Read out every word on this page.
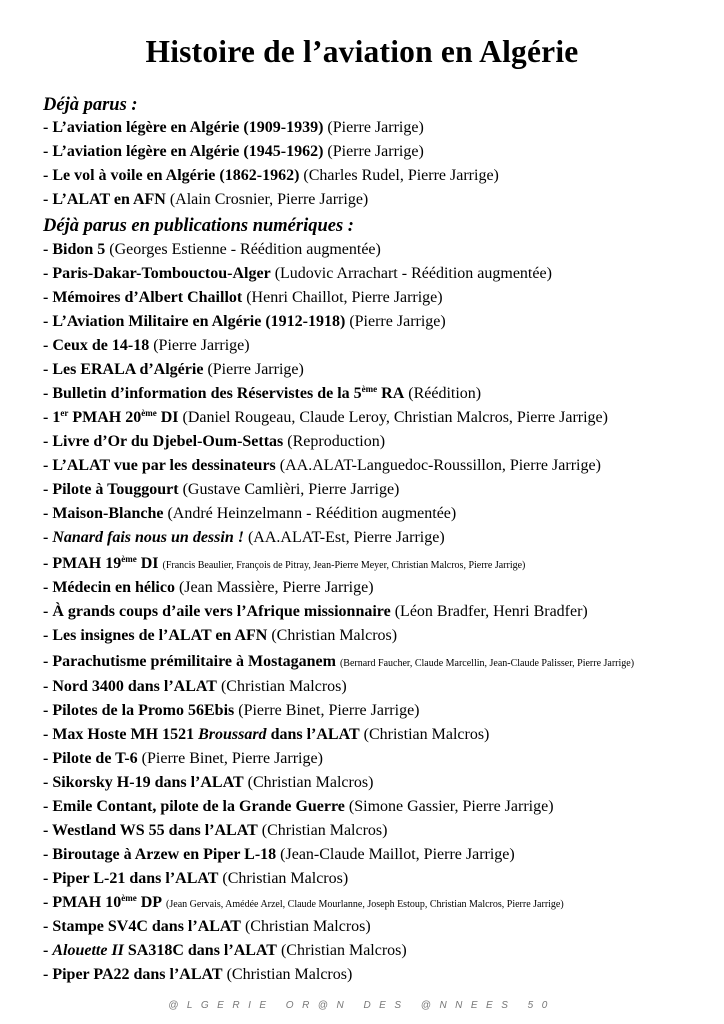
Histoire de l’aviation en Algérie
Déjà parus :
- L’aviation légère en Algérie (1909-1939) (Pierre Jarrige)
- L’aviation légère en Algérie (1945-1962) (Pierre Jarrige)
- Le vol à voile en Algérie (1862-1962) (Charles Rudel, Pierre Jarrige)
- L’ALAT en AFN (Alain Crosnier, Pierre Jarrige)
Déjà parus en publications numériques :
- Bidon 5 (Georges Estienne - Réédition augmentée)
- Paris-Dakar-Tombouctou-Alger (Ludovic Arrachart - Réédition augmentée)
- Mémoires d’Albert Chaillot (Henri Chaillot, Pierre Jarrige)
- L’Aviation Militaire en Algérie (1912-1918) (Pierre Jarrige)
- Ceux de 14-18 (Pierre Jarrige)
- Les ERALA d’Algérie (Pierre Jarrige)
- Bulletin d’information des Réservistes de la 5ème RA (Réédition)
- 1er PMAH 20ème DI (Daniel Rougeau, Claude Leroy, Christian Malcros, Pierre Jarrige)
- Livre d’Or du Djebel-Oum-Settas (Reproduction)
- L’ALAT vue par les dessinateurs (AA.ALAT-Languedoc-Roussillon, Pierre Jarrige)
- Pilote à Touggourt (Gustave Camlièri, Pierre Jarrige)
- Maison-Blanche (André Heinzelmann - Réédition augmentée)
- Nanard fais nous un dessin ! (AA.ALAT-Est, Pierre Jarrige)
- PMAH 19ème DI (Francis Beaulier, François de Pitray, Jean-Pierre Meyer, Christian Malcros, Pierre Jarrige)
- Médecin en hélico (Jean Massière, Pierre Jarrige)
- À grands coups d’aile vers l’Afrique missionnaire (Léon Bradfer, Henri Bradfer)
- Les insignes de l’ALAT en AFN (Christian Malcros)
- Parachutisme prémilitaire à Mostaganem (Bernard Faucher, Claude Marcellin, Jean-Claude Palisser, Pierre Jarrige)
- Nord 3400 dans l’ALAT (Christian Malcros)
- Pilotes de la Promo 56Ebis (Pierre Binet, Pierre Jarrige)
- Max Hoste MH 1521 Broussard dans l’ALAT (Christian Malcros)
- Pilote de T-6 (Pierre Binet, Pierre Jarrige)
- Sikorsky H-19 dans l’ALAT (Christian Malcros)
- Emile Contant, pilote de la Grande Guerre (Simone Gassier, Pierre Jarrige)
- Westland WS 55 dans l’ALAT (Christian Malcros)
- Biroutage à Arzew en Piper L-18 (Jean-Claude Maillot, Pierre Jarrige)
- Piper L-21 dans l’ALAT (Christian Malcros)
- PMAH 10ème DP (Jean Gervais, Amédée Arzel, Claude Mourlanne, Joseph Estoup, Christian Malcros, Pierre Jarrige)
- Stampe SV4C dans l’ALAT (Christian Malcros)
- Alouette II SA318C dans l’ALAT (Christian Malcros)
- Piper PA22 dans l’ALAT (Christian Malcros)
@LGERIE OR@N DES @NNEES 50
